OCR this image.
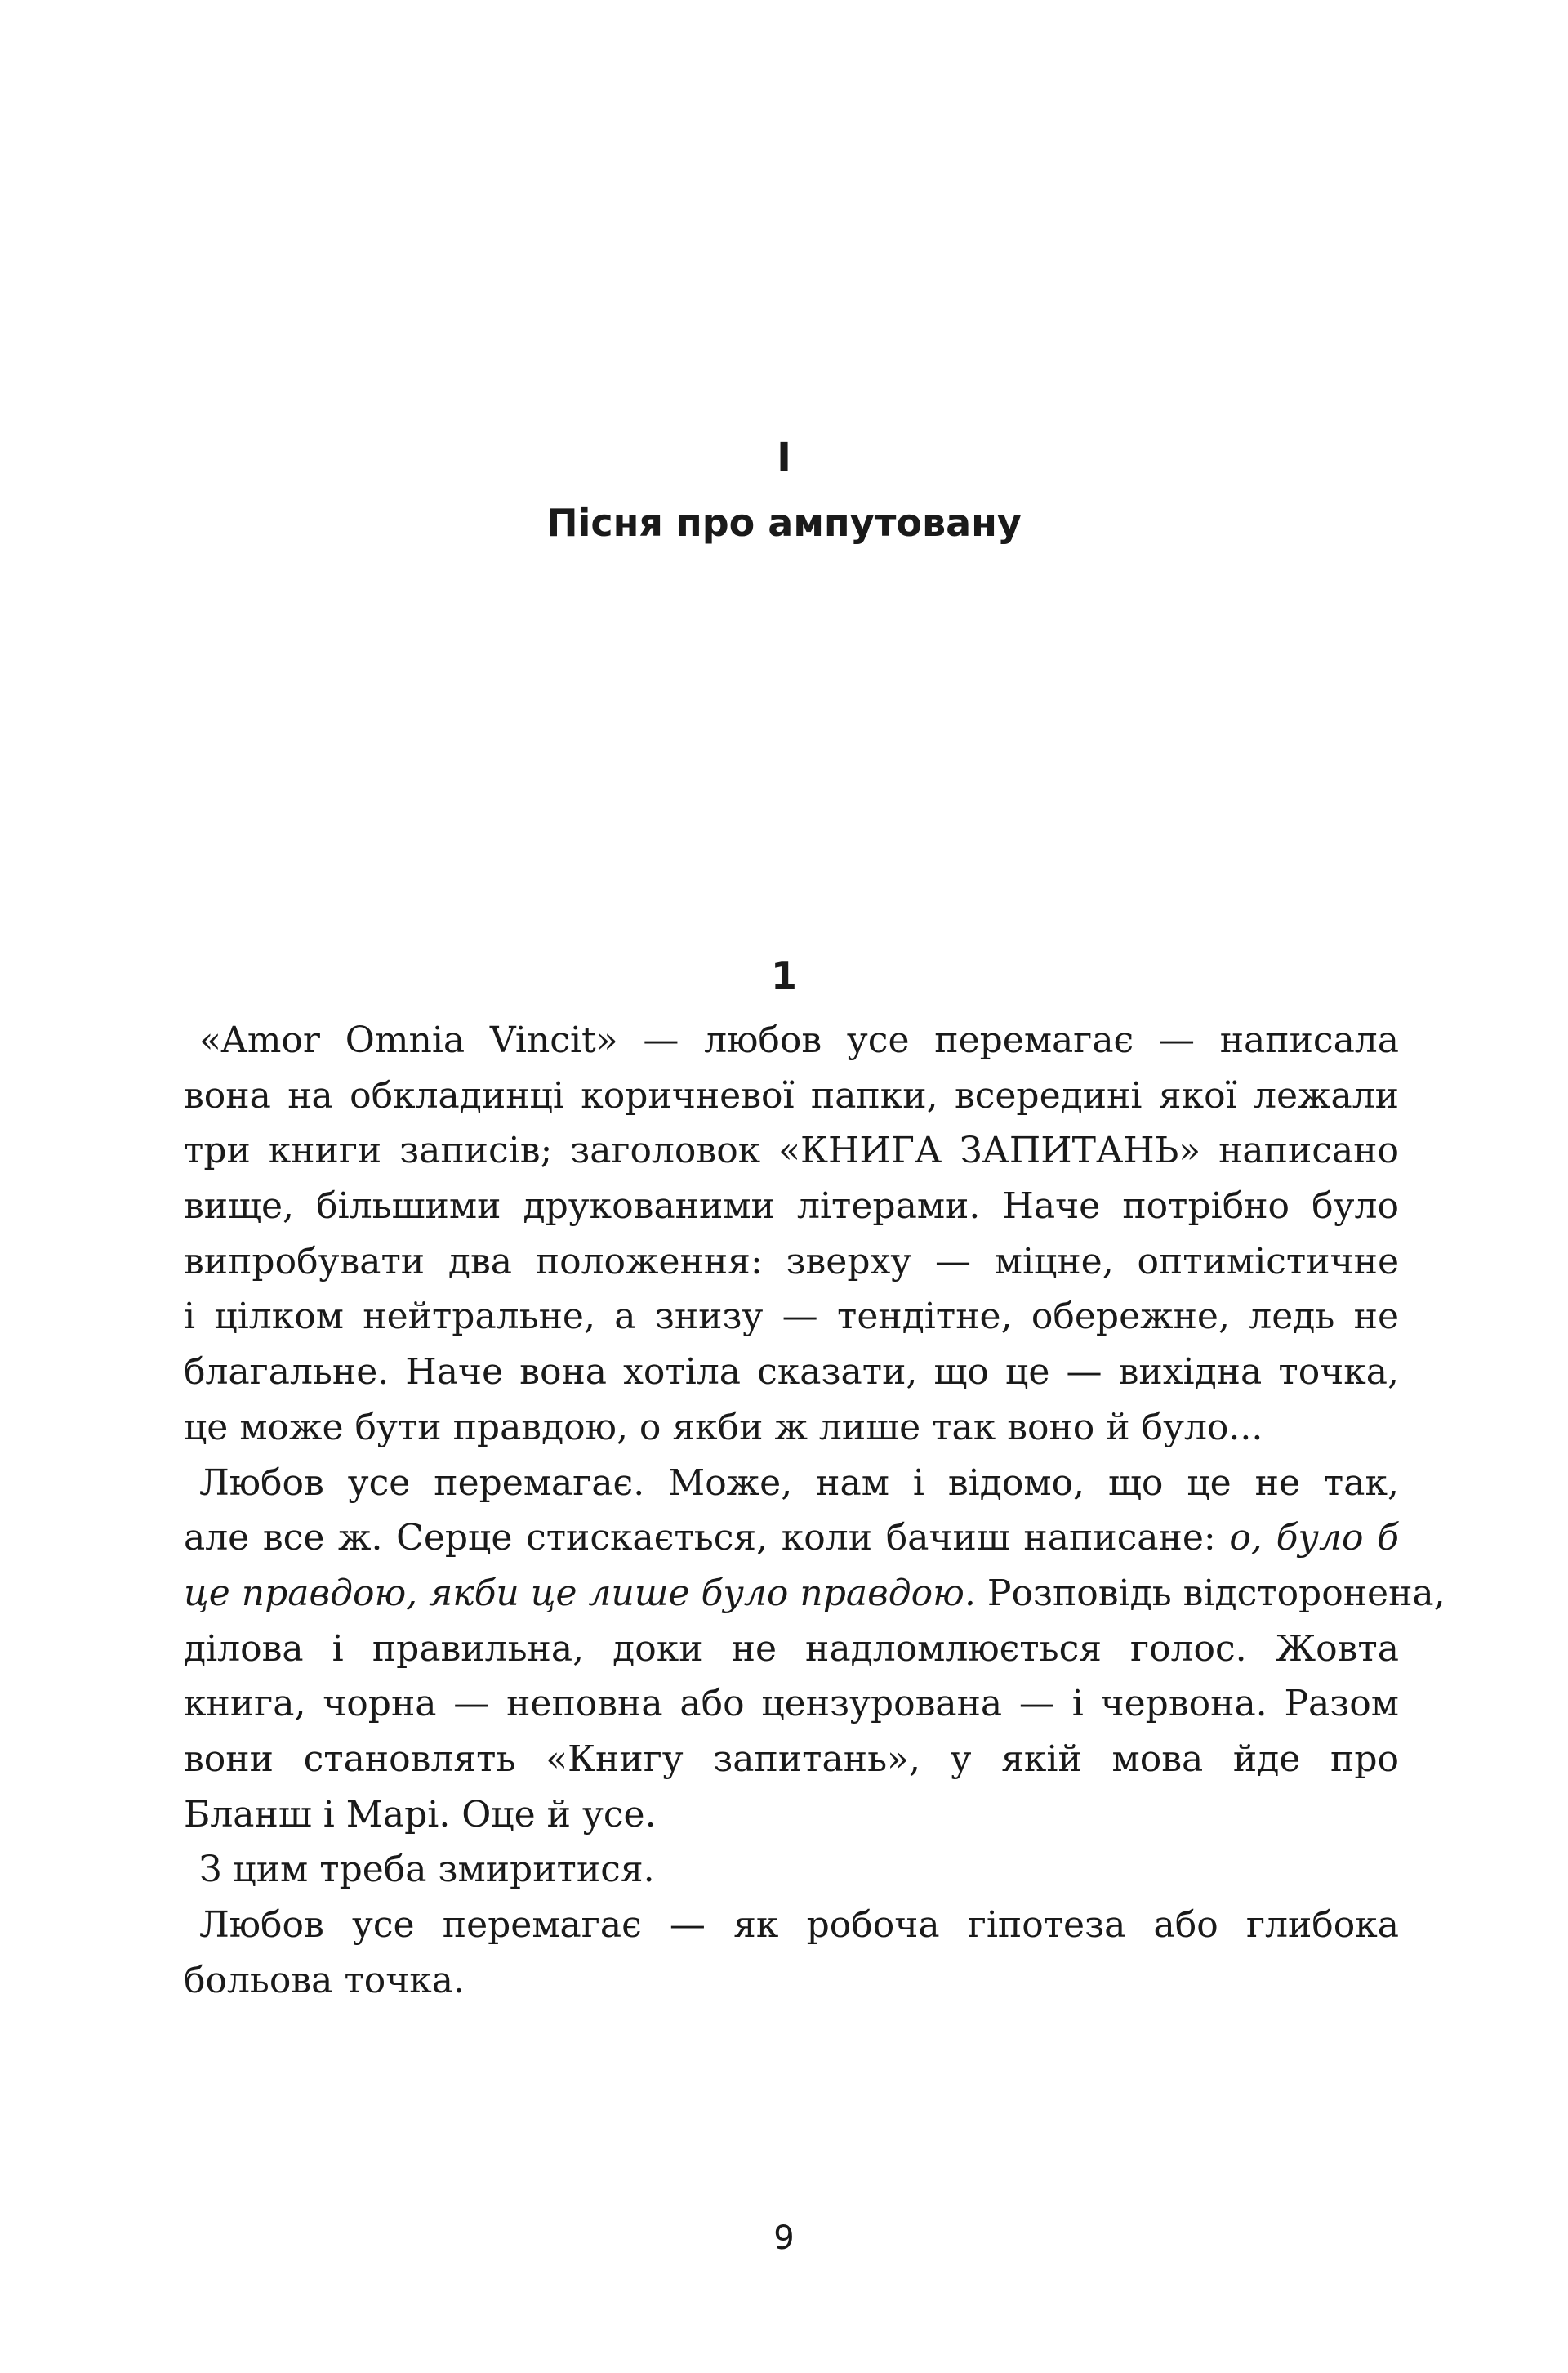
I
Пісня про ампутовану
1
«Amor Omnia Vincit» — любов усе перемагає — написала
вона на обкладинці коричневої папки, всередині якої лежали
три книги записів; заголовок «КНИГА ЗАПИТАНЬ» написано
вище, більшими друкованими літерами. Наче потрібно було
випробувати два положення: зверху — міцне, оптимістичне
і цілком нейтральне, а знизу — тендітне, обережне, ледь не
благальне. Наче вона хотіла сказати, що це — вихідна точка,
це може бути правдою, о якби ж лише так воно й було...
Любов усе перемагає. Може, нам і відомо, що це не так,
але все ж. Серце стискається, коли бачиш написане: о, було б
це правдою, якби це лише було правдою. Розповідь відсторонена,
ділова і правильна, доки не надломлюється голос. Жовта
книга, чорна — неповна або цензурована — і червона. Разом
вони становлять «Книгу запитань», у якій мова йде про
Бланш і Марі. Оце й усе.
З цим треба змиритися.
Любов усе перемагає — як робоча гіпотеза або глибока
больова точка.
9
